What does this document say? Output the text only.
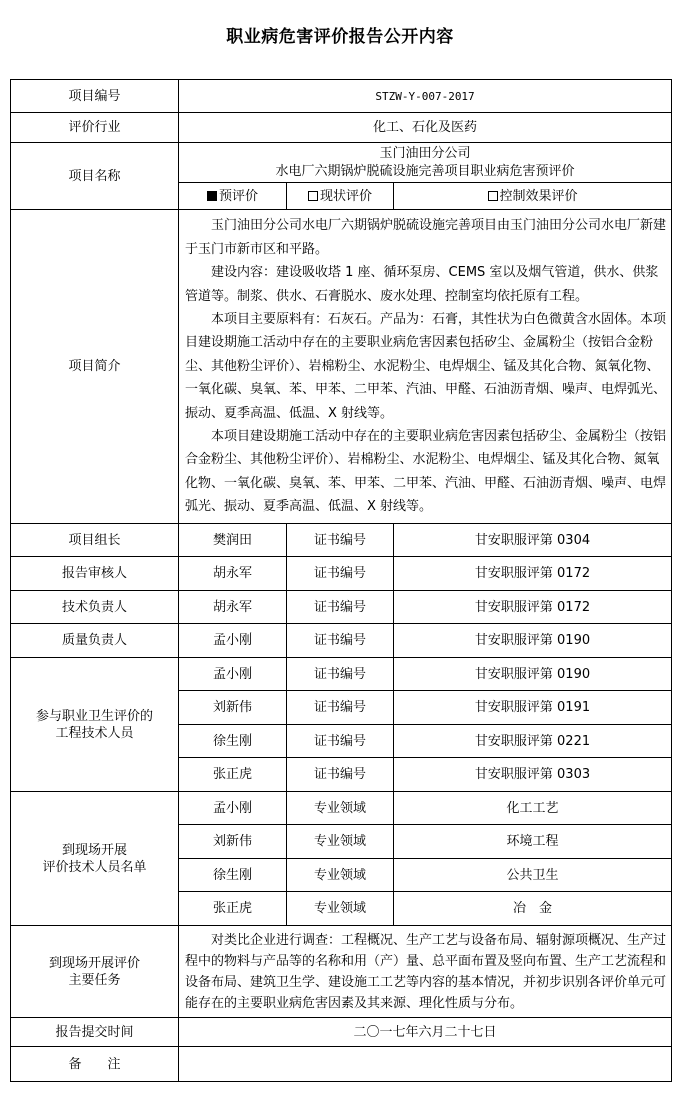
职业病危害评价报告公开内容
项目编号	STZW-Y-007-2017		
评价行业	化工、石化及医药		
项目名称	玉门油田分公司
水电厂六期锅炉脱硫设施完善项目职业病危害预评价		

	预评价	现状评价	控制效果评价
项目简介	玉门油田分公司水电厂六期锅炉脱硫设施完善项目由玉门油田分公司水电厂新建于玉门市新市区和平路。

建设内容：建设吸收塔 1 座、循环泵房、CEMS 室以及烟气管道，供水、供浆管道等。制浆、供水、石膏脱水、废水处理、控制室均依托原有工程。

本项目主要原料有：石灰石。产品为：石膏，其性状为白色微黄含水固体。本项目建设期施工活动中存在的主要职业病危害因素包括矽尘、金属粉尘（按铝合金粉尘、其他粉尘评价）、岩棉粉尘、水泥粉尘、电焊烟尘、锰及其化合物、氮氧化物、一氧化碳、臭氧、苯、甲苯、二甲苯、汽油、甲醛、石油沥青烟、噪声、电焊弧光、振动、夏季高温、低温、X 射线等。

本项目建设期施工活动中存在的主要职业病危害因素包括矽尘、金属粉尘（按铝合金粉尘、其他粉尘评价）、岩棉粉尘、水泥粉尘、电焊烟尘、锰及其化合物、氮氧化物、一氧化碳、臭氧、苯、甲苯、二甲苯、汽油、甲醛、石油沥青烟、噪声、电焊弧光、振动、夏季高温、低温、X 射线等。		

项目组长	樊润田	证书编号	甘安职服评第 0304
报告审核人	胡永军	证书编号	甘安职服评第 0172
技术负责人	胡永军	证书编号	甘安职服评第 0172
质量负责人	孟小刚	证书编号	甘安职服评第 0190

参与职业卫生评价的
工程技术人员	孟小刚	证书编号	甘安职服评第 0190
	刘新伟	证书编号	甘安职服评第 0191
	徐生刚	证书编号	甘安职服评第 0221
	张正虎	证书编号	甘安职服评第 0303

到现场开展
评价技术人员名单	孟小刚	专业领域	化工工艺
	刘新伟	专业领域	环境工程
	徐生刚	专业领域	公共卫生
	张正虎	专业领域	冶　金

到现场开展评价
主要任务	对类比企业进行调查：工程概况、生产工艺与设备布局、辐射源项概况、生产过程中的物料与产品等的名称和用（产）量、总平面布置及竖向布置、生产工艺流程和设备布局、建筑卫生学、建设施工工艺等内容的基本情况，并初步识别各评价单元可能存在的主要职业病危害因素及其来源、理化性质与分布。		

报告提交时间	二〇一七年六月二十七日		
备　　注			
